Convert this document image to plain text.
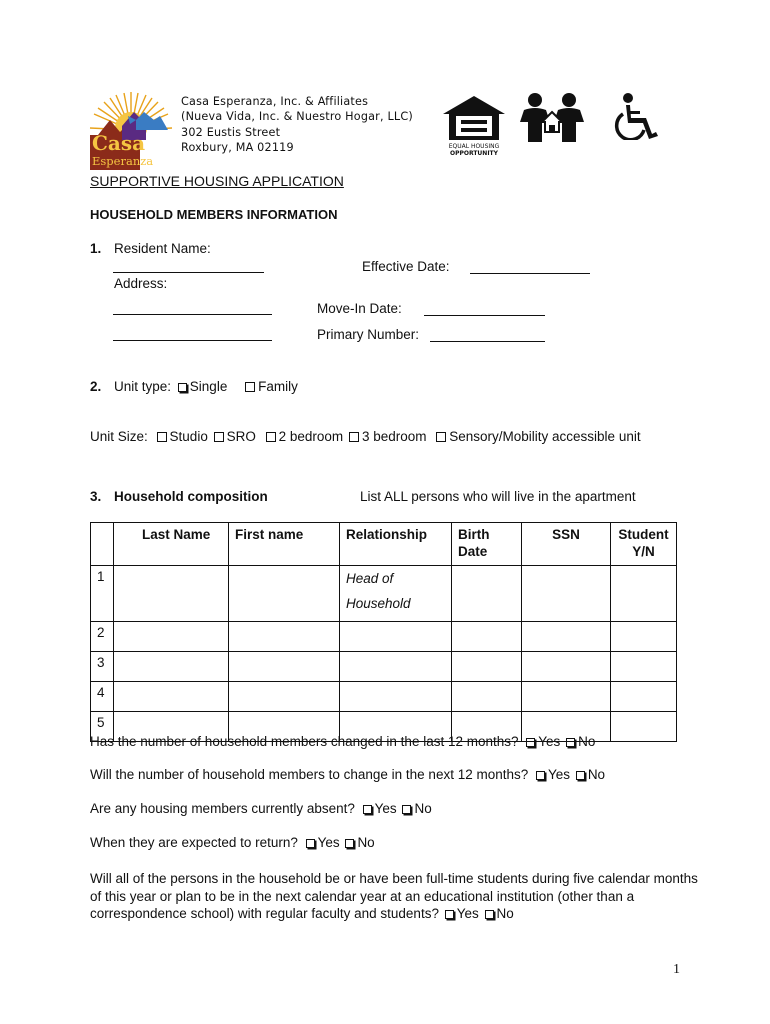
Casa
Esperanza
Casa Esperanza, Inc. & Affiliates
(Nueva Vida, Inc. & Nuestro Hogar, LLC)
302 Eustis Street
Roxbury, MA 02119	EQUAL HOUSING
OPPORTUNITY
SUPPORTIVE HOUSING APPLICATION
HOUSEHOLD MEMBERS INFORMATION
1. Resident Name:
Effective Date:
Address:
Move-In Date:
Primary Number:
2. Unit type: Single Family
Unit Size: Studio SRO 2 bedroom 3 bedroom Sensory/Mobility accessible unit
3. Household composition	List ALL persons who will live in the apartment
	Last Name	First name	Relationship	Birth Date	SSN	Student Y/N
1			Head of
Household			

2						
3						
4						
5						
Has the number of household members changed in the last 12 months? Yes No
Will the number of household members to change in the next 12 months? Yes No
Are any housing members currently absent? Yes No
When they are expected to return? Yes No
Will all of the persons in the household be or have been full-time students during five calendar months
of this year or plan to be in the next calendar year at an educational institution (other than a
correspondence school) with regular faculty and students? Yes No
1
